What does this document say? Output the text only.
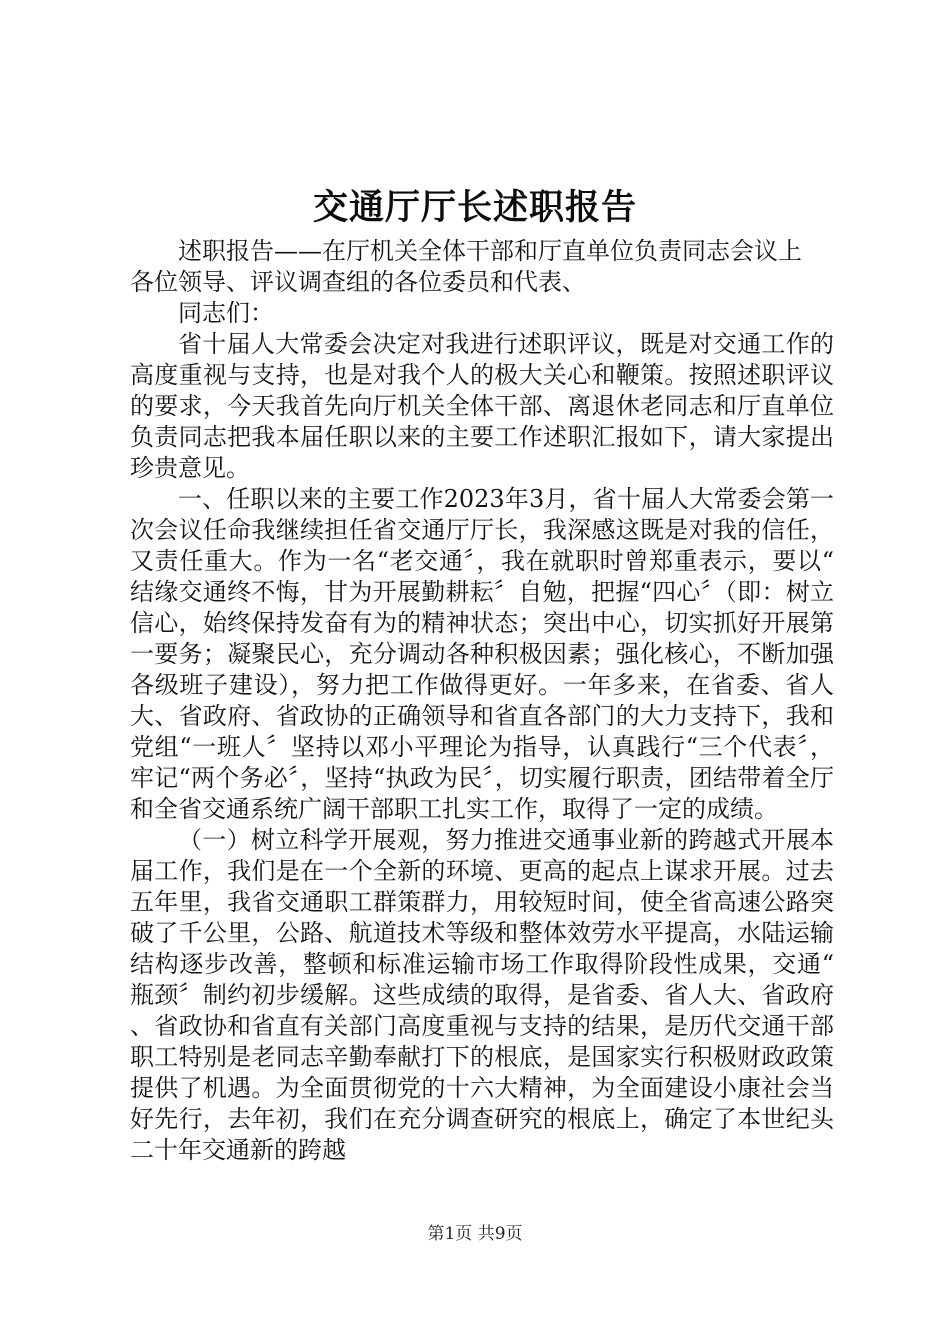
交通厅厅长述职报告

述职报告——在厅机关全体干部和厅直单位负责同志会议上

各位领导、评议调查组的各位委员和代表、

同志们：

省十届人大常委会决定对我进行述职评议，既是对交通工作的高度重视与支持，也是对我个人的极大关心和鞭策。按照述职评议的要求，今天我首先向厅机关全体干部、离退休老同志和厅直单位负责同志把我本届任职以来的主要工作述职汇报如下，请大家提出珍贵意见。

一、任职以来的主要工作2023年3月，省十届人大常委会第一次会议任命我继续担任省交通厅厅长，我深感这既是对我的信任，又责任重大。作为一名“老交通〞，我在就职时曾郑重表示，要以“结缘交通终不悔，甘为开展勤耕耘〞自勉，把握“四心〞（即：树立信心，始终保持发奋有为的精神状态；突出中心，切实抓好开展第一要务；凝聚民心，充分调动各种积极因素；强化核心，不断加强各级班子建设），努力把工作做得更好。一年多来，在省委、省人大、省政府、省政协的正确领导和省直各部门的大力支持下，我和党组“一班人〞坚持以邓小平理论为指导，认真践行“三个代表〞，牢记“两个务必〞，坚持“执政为民〞，切实履行职责，团结带着全厅和全省交通系统广阔干部职工扎实工作，取得了一定的成绩。

（一）树立科学开展观，努力推进交通事业新的跨越式开展本届工作，我们是在一个全新的环境、更高的起点上谋求开展。过去五年里，我省交通职工群策群力，用较短时间，使全省高速公路突破了千公里，公路、航道技术等级和整体效劳水平提高，水陆运输结构逐步改善，整顿和标准运输市场工作取得阶段性成果，交通“瓶颈〞制约初步缓解。这些成绩的取得，是省委、省人大、省政府、省政协和省直有关部门高度重视与支持的结果，是历代交通干部职工特别是老同志辛勤奉献打下的根底，是国家实行积极财政政策提供了机遇。为全面贯彻党的十六大精神，为全面建设小康社会当好先行，去年初，我们在充分调查研究的根底上，确定了本世纪头二十年交通新的跨越

第1页 共9页
